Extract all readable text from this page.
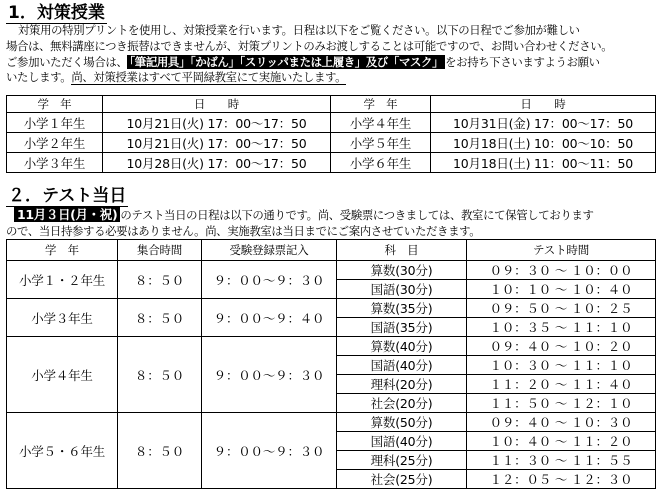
1．対策授業
対策用の特別プリントを使用し、対策授業を行います。日程は以下をご覧ください。以下の日程でご参加が難しい
場合は、無料講座につき振替はできませんが、対策プリントのみお渡しすることは可能ですので、お問い合わせください。
ご参加いただく場合は、 「筆記用具」「かばん」「スリッパまたは上履き」及び「マスク」 をお持ち下さいますようお願い
いたします。尚、対策授業はすべて平岡緑教室にて実施いたします。
学　年	日　　時	学　年	日　　時
小学１年生	10月21日(火) 17：00～17：50	小学４年生	10月31日(金) 17：00～17：50
小学２年生	10月21日(火) 17：00～17：50	小学５年生	10月18日(土) 10：00～10：50
小学３年生	10月28日(火) 17：00～17：50	小学６年生	10月18日(土) 11：00～11：50
２．テスト当日
11月３日(月・祝) のテスト当日の日程は以下の通りです。尚、受験票につきましては、教室にて保管しております
ので、当日持参する必要はありません。尚、実施教室は当日までにご案内させていただきます。
学　年	集合時間	受験登録票記入	科　目	テスト時間
小学１・２年生	８：５０	９：００～９：３０	算数(30分)	０９：３０ ～ １０：００
			国語(30分)	１０：１０ ～ １０：４０
小学３年生	８：５０	９：００～９：４０	算数(35分)	０９：５０ ～ １０：２５
			国語(35分)	１０：３５ ～ １１：１０
小学４年生	８：５０	９：００～９：３０	算数(40分)	０９：４０ ～ １０：２０
			国語(40分)	１０：３０ ～ １１：１０
			理科(20分)	１１：２０ ～ １１：４０
			社会(20分)	１１：５０ ～ １２：１０
小学５・６年生	８：５０	９：００～９：３０	算数(50分)	０９：４０ ～ １０：３０
			国語(40分)	１０：４０ ～ １１：２０
			理科(25分)	１１：３０ ～ １１：５５
			社会(25分)	１２：０５ ～ １２：３０
